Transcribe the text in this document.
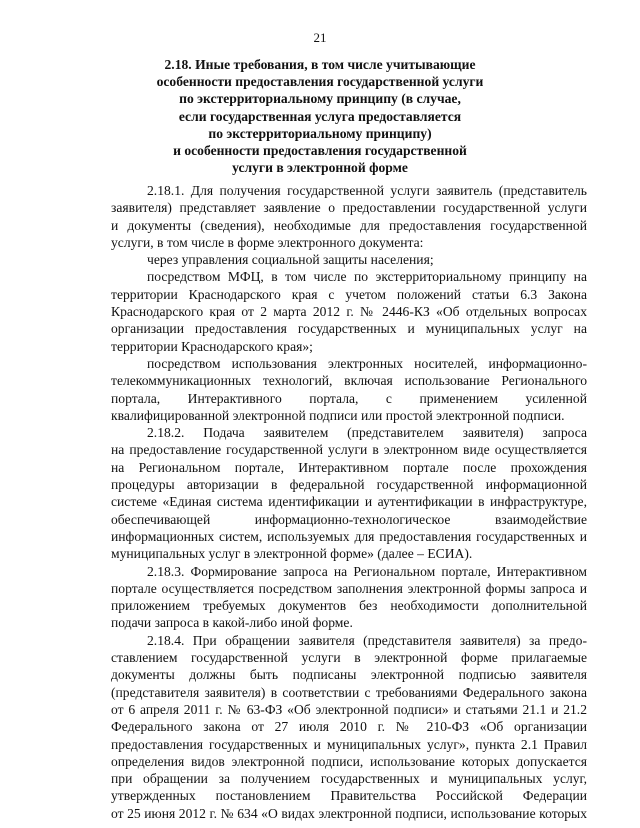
21
2.18. Иные требования, в том числе учитывающие
особенности предоставления государственной услуги
по экстерриториальному принципу (в случае,
если государственная услуга предоставляется
по экстерриториальному принципу)
и особенности предоставления государственной
услуги в электронной форме
2.18.1. Для получения государственной услуги заявитель (представитель
заявителя) представляет заявление о предоставлении государственной услуги
и документы (сведения), необходимые для предоставления государственной
услуги, в том числе в форме электронного документа:
через управления социальной защиты населения;
посредством МФЦ, в том числе по экстерриториальному принципу на
территории Краснодарского края с учетом положений статьи 6.3 Закона
Краснодарского края от 2 марта 2012 г. № 2446-КЗ «Об отдельных вопросах
организации предоставления государственных и муниципальных услуг на
территории Краснодарского края»;
посредством использования электронных носителей, информационно-
телекоммуникационных технологий, включая использование Регионального
портала, Интерактивного портала, с применением усиленной
квалифицированной электронной подписи или простой электронной подписи.
2.18.2. Подача заявителем (представителем заявителя) запроса
на предоставление государственной услуги в электронном виде осуществляется
на Региональном портале, Интерактивном портале после прохождения
процедуры авторизации в федеральной государственной информационной
системе «Единая система идентификации и аутентификации в инфраструктуре,
обеспечивающей информационно-технологическое взаимодействие
информационных систем, используемых для предоставления государственных и
муниципальных услуг в электронной форме» (далее – ЕСИА).
2.18.3. Формирование запроса на Региональном портале, Интерактивном
портале осуществляется посредством заполнения электронной формы запроса и
приложением требуемых документов без необходимости дополнительной
подачи запроса в какой-либо иной форме.
2.18.4. При обращении заявителя (представителя заявителя) за предо-
ставлением государственной услуги в электронной форме прилагаемые
документы должны быть подписаны электронной подписью заявителя
(представителя заявителя) в соответствии с требованиями Федерального закона
от 6 апреля 2011 г. № 63-ФЗ «Об электронной подписи» и статьями 21.1 и 21.2
Федерального закона от 27 июля 2010 г. № 210-ФЗ «Об организации
предоставления государственных и муниципальных услуг», пункта 2.1 Правил
определения видов электронной подписи, использование которых допускается
при обращении за получением государственных и муниципальных услуг,
утвержденных постановлением Правительства Российской Федерации
от 25 июня 2012 г. № 634 «О видах электронной подписи, использование которых
